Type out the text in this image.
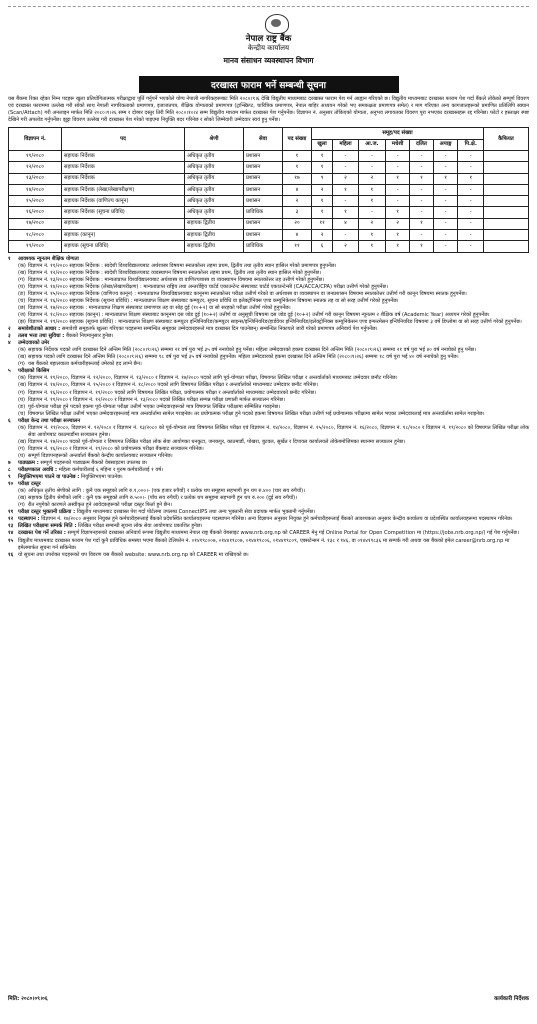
नेपाल राष्ट्र बैंक
केन्द्रीय कार्यालय
मानव संसाधन व्यवस्थापन विभाग
दरखास्त फाराम भर्ने सम्बन्धी सूचना
यस बैंकमा रिक्त रहेका निम्न पदहरू खुला प्रतियोगितात्मक परीक्षाद्वारा पूर्ति गर्नुपर्ने भएकोले योग्य नेपाली नागरिकहरूबाट मिति २०८०।९।६ देखि विद्युतीय माध्यमबाट दरखास्त फाराम पेश गर्न आह्वान गरिएको छ। विद्युतीय माध्यमबाट दरखास्त फाराम पेश गर्दा बैंकले तोकेको सम्पूर्ण विवरण एवं दरखास्त फाराममा उल्लेख गरी सोको साथ नेपाली नागरिकताको प्रमाणपत्र, इजाजतपत्र, शैक्षिक योग्यताको प्रमाणपत्र (ट्रान्स्क्रिप्ट, चारित्रिक प्रमाणपत्र, नेपाल बाहिर अध्ययन गरेको भए समकक्षता प्रमाणपत्र समेत) र माग गरिएका अन्य कागजातहरूको प्रमाणित प्रतिलिपि स्क्यान (Scan/Attach) गरी अनलाइन मार्फत मिति २०८०।९।२६ सम्म र दोब्बर दस्तुर तिरी मिति २०८०।१०।४ सम्म विद्युतीय माध्यम मार्फत दरखास्त पेश गर्नुपर्नेछ। विज्ञापन नं. अनुसार तोकिएको योग्यता, अनुभव लगायतका विवरण पूरा नभएका दरखास्तहरू रद्द गरिनेछ। फोटो र हस्ताक्षर स्पष्ट देखिने गरी अपलोड गर्नुपर्नेछ। झुट्टा विवरण उल्लेख गरी दरखास्त पेश गरेको पाइएमा नियुक्ति बदर गरिनेछ र सोको जिम्मेवारी उम्मेदवार स्वयं हुनु पर्नेछ।
विज्ञापन नं.	पद	श्रेणी	सेवा	पद संख्या	समूह/पद संख्या							कैफियत
					खुला	महिला	आ.ज.	मधेशी	दलित	अपाङ्ग	पि.क्षे.	
११/२०८०	सहायक निर्देशक	अधिकृत तृतीय	प्रशासन	१	१	-	-	-	-	-	-	
१२/२०८०	सहायक निर्देशक	अधिकृत तृतीय	प्रशासन	१	१	-	-	-	-	-	-	
१३/२०८०	सहायक निर्देशक	अधिकृत तृतीय	प्रशासन	१७	९	२	२	१	१	१	१	
१४/२०८०	सहायक निर्देशक (लेखा/लेखापरीक्षण)	अधिकृत तृतीय	प्रशासन	४	२	१	१	-	-	-	-	
१५/२०८०	सहायक निर्देशक (वाणिज्य कानून)	अधिकृत तृतीय	प्रशासन	२	१	-	१	-	-	-	-	
१६/२०८०	सहायक निर्देशक (सूचना प्रविधि)	अधिकृत तृतीय	प्राविधिक	३	१	१	-	१	-	-	-	
१७/२०८०	सहायक	सहायक द्वितीय	प्रशासन	२०	११	४	२	२	१	-	-	
१८/२०८०	सहायक (कानून)	सहायक द्वितीय	प्रशासन	४	२	-	१	१	-	-	-	
१९/२०८०	सहायक (सूचना प्रविधि)	सहायक द्वितीय	प्राविधिक	११	६	२	१	१	१	-	-	
१	आवश्यक न्यूनतम शैक्षिक योग्यता
(क) विज्ञापन नं. ११/२०८० सहायक निर्देशक : स्वदेशी विश्वविद्यालयबाट अर्थशास्त्र विषयमा स्नातकोत्तर तहमा प्रथम, द्वितीय तथा तृतीय स्थान हासिल गरेको प्रमाणपत्र हुनुपर्नेछ।
(ख) विज्ञापन नं. १२/२०८० सहायक निर्देशक : स्वदेशी विश्वविद्यालयबाट व्यवस्थापन विषयमा स्नातकोत्तर तहमा प्रथम, द्वितीय तथा तृतीय स्थान हासिल गरेको हुनुपर्नेछ।
(ग) विज्ञापन नं. १३/२०८० सहायक निर्देशक : मान्यताप्राप्त विश्वविद्यालयबाट अर्थशास्त्र वा वाणिज्यशास्त्र वा व्यवस्थापन विषयमा स्नातकोत्तर तह उत्तीर्ण गरेको हुनुपर्नेछ।
(घ) विज्ञापन नं. १४/२०८० सहायक निर्देशक (लेखा/लेखापरीक्षण) : मान्यताप्राप्त राष्ट्रिय तथा अन्तर्राष्ट्रिय चार्टर्ड एकाउन्टेन्ट संस्थाबाट चार्टर्ड एकाउन्टेन्सी (CA/ACCA/CPA) परीक्षा उत्तीर्ण गरेको हुनुपर्नेछ।
(ङ) विज्ञापन नं. १५/२०८० सहायक निर्देशक (वाणिज्य कानून) : मान्यताप्राप्त विश्वविद्यालयबाट कानूनमा स्नातकोत्तर परीक्षा उत्तीर्ण गरेको वा अर्थशास्त्र वा व्यवस्थापन वा जनप्रशासन विषयमा स्नातकोत्तर उत्तीर्ण गरी कानून विषयमा स्नातक हुनुपर्नेछ।
(च) विज्ञापन नं. १६/२०८० सहायक निर्देशक (सूचना प्रविधि) : मान्यताप्राप्त शिक्षण संस्थाबाट कम्प्युटर, सूचना प्रविधि वा इलेक्ट्रोनिक्स एण्ड कम्युनिकेशन विषयमा स्नातक तह वा सो सरह उत्तीर्ण गरेको हुनुपर्नेछ।
(छ) विज्ञापन नं. १७/२०८० सहायक : मान्यताप्राप्त शिक्षण संस्थाबाट प्रमाणपत्र तह वा सोह्र दुई (१०+२) वा सो सरहको परीक्षा उत्तीर्ण गरेको हुनुपर्नेछ।
(ज) विज्ञापन नं. १८/२०८० सहायक (कानून) : मान्यताप्राप्त शिक्षण संस्थाबाट कानूनमा दस जोड दुई (१०+२) उत्तीर्ण वा अनुसूची विषयमा दस जोड दुई (१०+२) उत्तीर्ण गरी कानून विषयमा न्यूनतम २ शैक्षिक वर्ष (Academic Year) अध्ययन गरेको हुनुपर्नेछ।
(झ) विज्ञापन नं. १९/२०८० सहायक (सूचना प्रविधि) : मान्यताप्राप्त शिक्षण संस्थाबाट कम्प्युटर इन्जिनियरिङ/कम्प्युटर साइन्स/इन्जिनियरिङ/हार्डवेयर इन्जिनियरिङ/इलेक्ट्रोनिक्स कम्युनिकेसन एण्ड इन्फरमेसन इन्जिनियरिङ विषयमा ३ वर्षे डिप्लोमा वा सो सरह उत्तीर्ण गरेको हुनुपर्नेछ।
२	समावेशीताको आधार : समावेशी समूहतर्फ खुल्ला गरिएका पदहरूमा सम्बन्धित समूहका उम्मेदवारहरूले मात्र दरखास्त दिन पाउनेछन्। सम्बन्धित निकायले जारी गरेको प्रमाणपत्र अनिवार्य पेश गर्नुपर्नेछ।
३	तलब भत्ता तथा सुविधा : बैंकको नियमानुसार हुनेछ।
४	उम्मेदवारको उमेर
(क) सहायक निर्देशक पदको लागि दरखास्त दिने अन्तिम मिति (२०८०।९।२६) सम्ममा २१ वर्ष पुरा भई ३५ वर्ष ननाघेको हुनु पर्नेछ। महिला उम्मेदवारको हकमा दरखास्त दिने अन्तिम मिति (२०८०।९।२६) सम्ममा २१ वर्ष पुरा भई ४० वर्ष ननाघेको हुनु पर्नेछ।
(ख) सहायक पदको लागि दरखास्त दिने अन्तिम मिति (२०८०।९।२६) सम्ममा १८ वर्ष पुरा भई ३५ वर्ष ननाघेको हुनुपर्नेछ। महिला उम्मेदवारको हकमा दरखास्त दिने अन्तिम मिति (२०८०।९।२६) सम्ममा १८ वर्ष पुरा भई ४० वर्ष ननाघेको हुनु पर्नेछ।
(ग) यस बैंकको बहालवाला कर्मचारीहरूलाई उमेरको हद लाग्ने छैन।
५	परीक्षाको किसिम
(क) विज्ञापन नं. ११/२०८०, विज्ञापन नं. १२/२०८०, विज्ञापन नं. १३/२०८० र विज्ञापन नं. १७/२०८० पदको लागि पूर्व-योग्यता परीक्षा, विषयगत लिखित परीक्षा र अन्तर्वार्ताको माध्यमबाट उम्मेदवार छनौट गरिनेछ।
(ख) विज्ञापन नं. १४/२०८०, विज्ञापन नं. १५/२०८० र विज्ञापन नं. १८/२०८० पदको लागि विषयगत लिखित परीक्षा र अन्तर्वार्ताको माध्यमबाट उम्मेदवार छनौट गरिनेछ।
(ग) विज्ञापन नं. १६/२०८० र विज्ञापन नं. १९/२०८० पदको लागि विषयगत लिखित परीक्षा, प्रयोगात्मक परीक्षा र अन्तर्वार्ताको माध्यमबाट उम्मेदवारको छनौट गरिनेछ।
(घ) विज्ञापन नं. ११/२०८० र विज्ञापन नं. १२/२०८० र विज्ञापन नं. १३/२०८० पदको लिखित परीक्षा सम्पन्न परीक्षा प्रणाली मार्फत सञ्चालन गरिनेछ।
(ङ) पूर्व-योग्यता परीक्षा हुने पदको हकमा पूर्व-योग्यता परीक्षा उत्तीर्ण भएका उम्मेदवारहरूको मात्र विषयगत लिखित परीक्षामा सम्मिलित गराइनेछ।
(च) विषयगत लिखित परीक्षा उत्तीर्ण भएका उम्मेदवारहरूलाई मात्र अन्तर्वार्तामा सामेल गराइनेछ। तर प्रयोगात्मक परीक्षा हुने पदको हकमा विषयगत लिखित परीक्षा उत्तीर्ण भई प्रयोगात्मक परीक्षामा सामेल भएका उम्मेदवारलाई मात्र अन्तर्वार्तामा सामेल गराइनेछ।
६	परीक्षा केन्द्र तथा परीक्षा सञ्चालन
(क) विज्ञापन नं. ११/२०८०, विज्ञापन नं. १२/२०८० र विज्ञापन नं. १३/२०८० को पूर्व-योग्यता तथा विषयगत लिखित परीक्षा एवं विज्ञापन नं. १४/२०८०, विज्ञापन नं. १५/२०८०, विज्ञापन नं. १६/२०८०, विज्ञापन नं. १८/२०८० र विज्ञापन नं. १९/२०८० को विषयगत लिखित परीक्षा लोक सेवा आयोगबाट काठमाडौंमा सञ्चालन हुनेछ।
(ख) विज्ञापन नं. १७/२०८० पदको पूर्व-योग्यता र विषयगत लिखित परीक्षा लोक सेवा आयोगका धनकुटा, जनकपुर, काठमाडौं, पोखरा, बुटवल, सुर्खेत र दिपायल कार्यालयले तोकेबमोजिमका स्थानमा सञ्चालन हुनेछ।
(ग) विज्ञापन नं. १६/२०८० र विज्ञापन नं. १९/२०८० को प्रयोगात्मक परीक्षा बैंकबाट सञ्चालन गरिनेछ।
(घ) सम्पूर्ण विज्ञापनहरूको अन्तर्वार्ता बैंकको केन्द्रीय कार्यालयबाट सञ्चालन गरिनेछ।
७	पाठ्यक्रम : सम्पूर्ण पदहरूको पाठ्यक्रम बैंकको वेबसाइटमा उपलब्ध छ।
८	परीक्षणकाल अवधि : महिला कर्मचारीलाई ६ महिना र पुरुष कर्मचारीलाई १ वर्ष।
९	नियुक्तिभएमा पाउने वा पाउनेछ : नियुक्तिभएमा पाउनेछ।
१० परीक्षा दस्तुर
(क) अधिकृत तृतीय श्रेणीको लागि : कुनै एक समूहको लागि रु.१,०००।- (एक हजार रुपैयाँ) र प्रत्येक थप समूहमा सहभागी हुन थप रु.४०० (चार सय रुपैयाँ)।
(ख) सहायक द्वितीय श्रेणीको लागि : कुनै एक समूहको लागि रु.५००।- (पाँच सय रुपैयाँ) र प्रत्येक थप समूहमा सहभागी हुन थप रु.२०० (दुई सय रुपैयाँ)।
(ग) रीत नपुगेको कारणले अस्वीकृत हुने आवेदकहरूको परीक्षा दस्तुर फिर्ता हुने छैन।
११ परीक्षा दस्तुर भुक्तानी प्रक्रिया : विद्युतीय माध्यमबाट दरखास्त पेश गर्दा पोर्टलमा उपलब्ध ConnectIPS तथा अन्य भुक्तानी सेवा प्रदायक मार्फत भुक्तानी गर्नुपर्नेछ।
१२ पदस्थापन : विज्ञापन नं. १७/२०८० अनुसार नियुक्त हुने कर्मचारीहरूलाई बैंकको प्रदेशस्थित कार्यालयहरूमा पदस्थापन गरिनेछ। अन्य विज्ञापन अनुसार नियुक्त हुने कर्मचारीहरूलाई बैंकको आवश्यकता अनुसार केन्द्रीय कार्यालय वा प्रदेशस्थित कार्यालयहरूमा पदस्थापन गरिनेछ।
१३ लिखित परीक्षामा सम्पर्क मिति : लिखित परीक्षा सम्बन्धी सूचना लोक सेवा आयोगबाट प्रकाशित हुनेछ।
१४ दरखास्त पेश गर्ने तरिका : सम्पूर्ण विज्ञापनहरूको दरखास्त अनिवार्य रूपमा विद्युतीय माध्यममा नेपाल राष्ट्र बैंकको वेबसाइट www.nrb.org.np को CAREER मेनु गई Online Portal for Open Competition मा (https://jobs.nrb.org.np/) गई पेश गर्नुपर्नेछ।
१५ विद्युतीय माध्यमबाट दरखास्त फाराम पेश गर्दा कुनै प्राविधिक समस्या भएमा बैंकको टेलिफोन नं. ०१४१९८००७, ०१४४१९८०७, ०१४४१९८०६, ०१४४१९८०९, एक्सटेन्सन नं. १३८ र १४६, वा ०१४४१९८३६ मा सम्पर्क गरी अथवा यस बैंकको इमेल career@nrb.org.np मा इमेलमार्फत सूचना गर्न सकिनेछ।
१६ यो सूचना तथा उपरोक्त पदहरूको थप विवरण यस बैंकको website: www.nrb.org.np को CAREER मा राखिएको छ।
मिति: २०८०।०९।०६	कार्यकारी निर्देशक
